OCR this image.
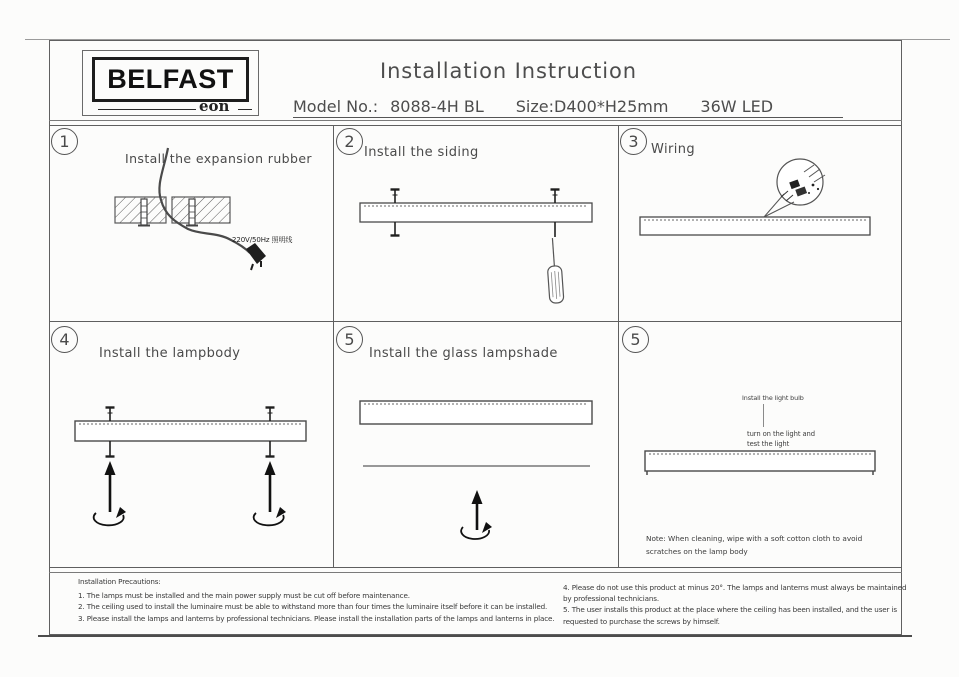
BELFAST
eon
Installation Instruction
Model No.: 8088-4H BL Size:D400*H25mm 36W LED
1	2	3
4	5	5
Install the expansion rubber	Install the siding	Wiring
Install the lampbody	Install the glass lampshade
220V/50Hz 照明线
Install the light bulb
turn on the light and
test the light
Note: When cleaning, wipe with a soft cotton cloth to avoid
scratches on the lamp body
Installation Precautions:
1. The lamps must be installed and the main power supply must be cut off before maintenance.
2. The ceiling used to install the luminaire must be able to withstand more than four times the luminaire itself before it can be installed.
3. Please install the lamps and lanterns by professional technicians. Please install the installation parts of the lamps and lanterns in place.
4. Please do not use this product at minus 20°. The lamps and lanterns must always be maintained
by professional technicians.
5. The user installs this product at the place where the ceiling has been installed, and the user is
requested to purchase the screws by himself.
